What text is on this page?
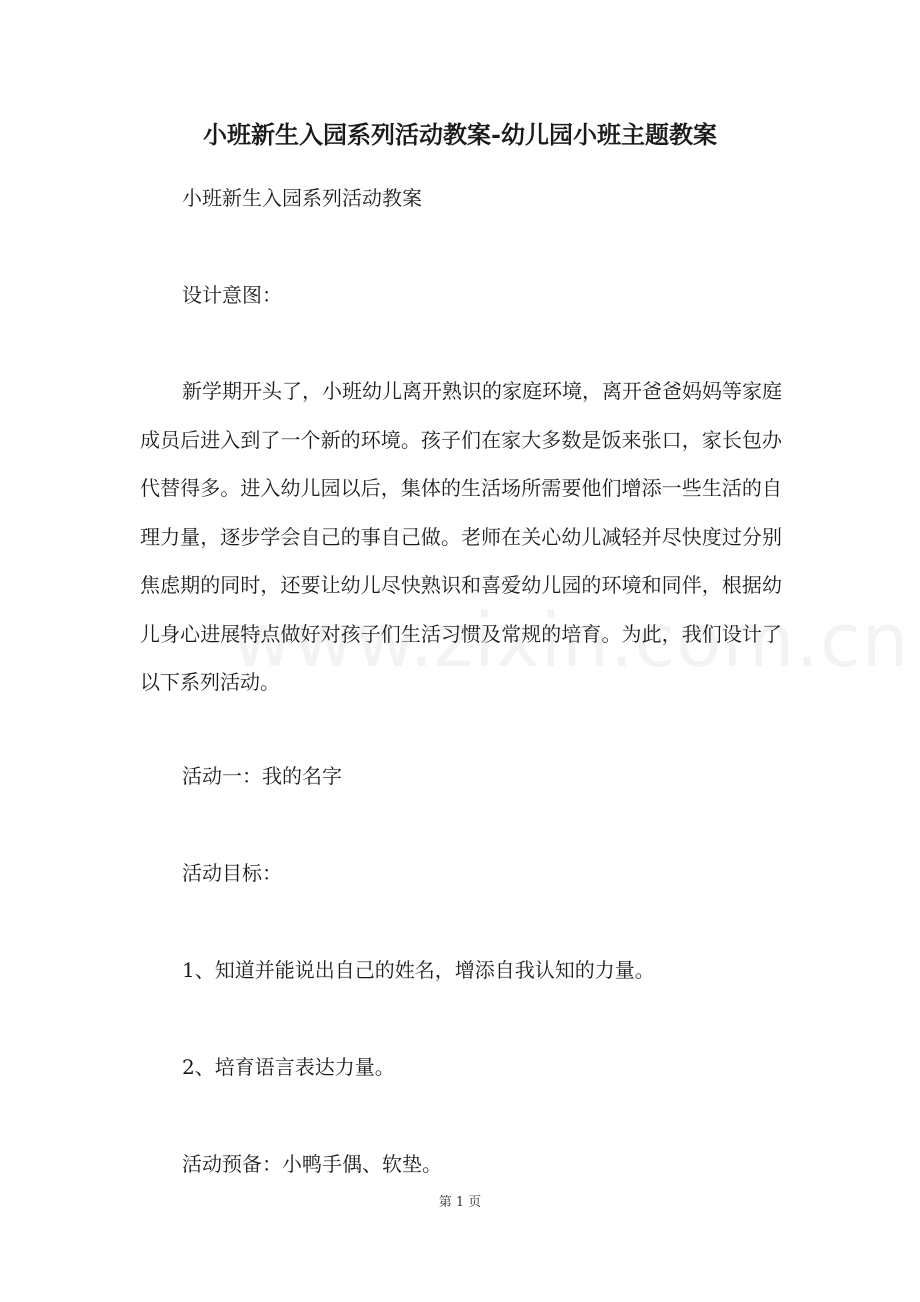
小班新生入园系列活动教案-幼儿园小班主题教案
小班新生入园系列活动教案
设计意图：
新学期开头了，小班幼儿离开熟识的家庭环境，离开爸爸妈妈等家庭成员后进入到了一个新的环境。孩子们在家大多数是饭来张口，家长包办代替得多。进入幼儿园以后，集体的生活场所需要他们增添一些生活的自理力量，逐步学会自己的事自己做。老师在关心幼儿减轻并尽快度过分别焦虑期的同时，还要让幼儿尽快熟识和喜爱幼儿园的环境和同伴，根据幼儿身心进展特点做好对孩子们生活习惯及常规的培育。为此，我们设计了以下系列活动。
活动一：我的名字
活动目标：
1、知道并能说出自己的姓名，增添自我认知的力量。
2、培育语言表达力量。
活动预备：小鸭手偶、软垫。
第 1 页
